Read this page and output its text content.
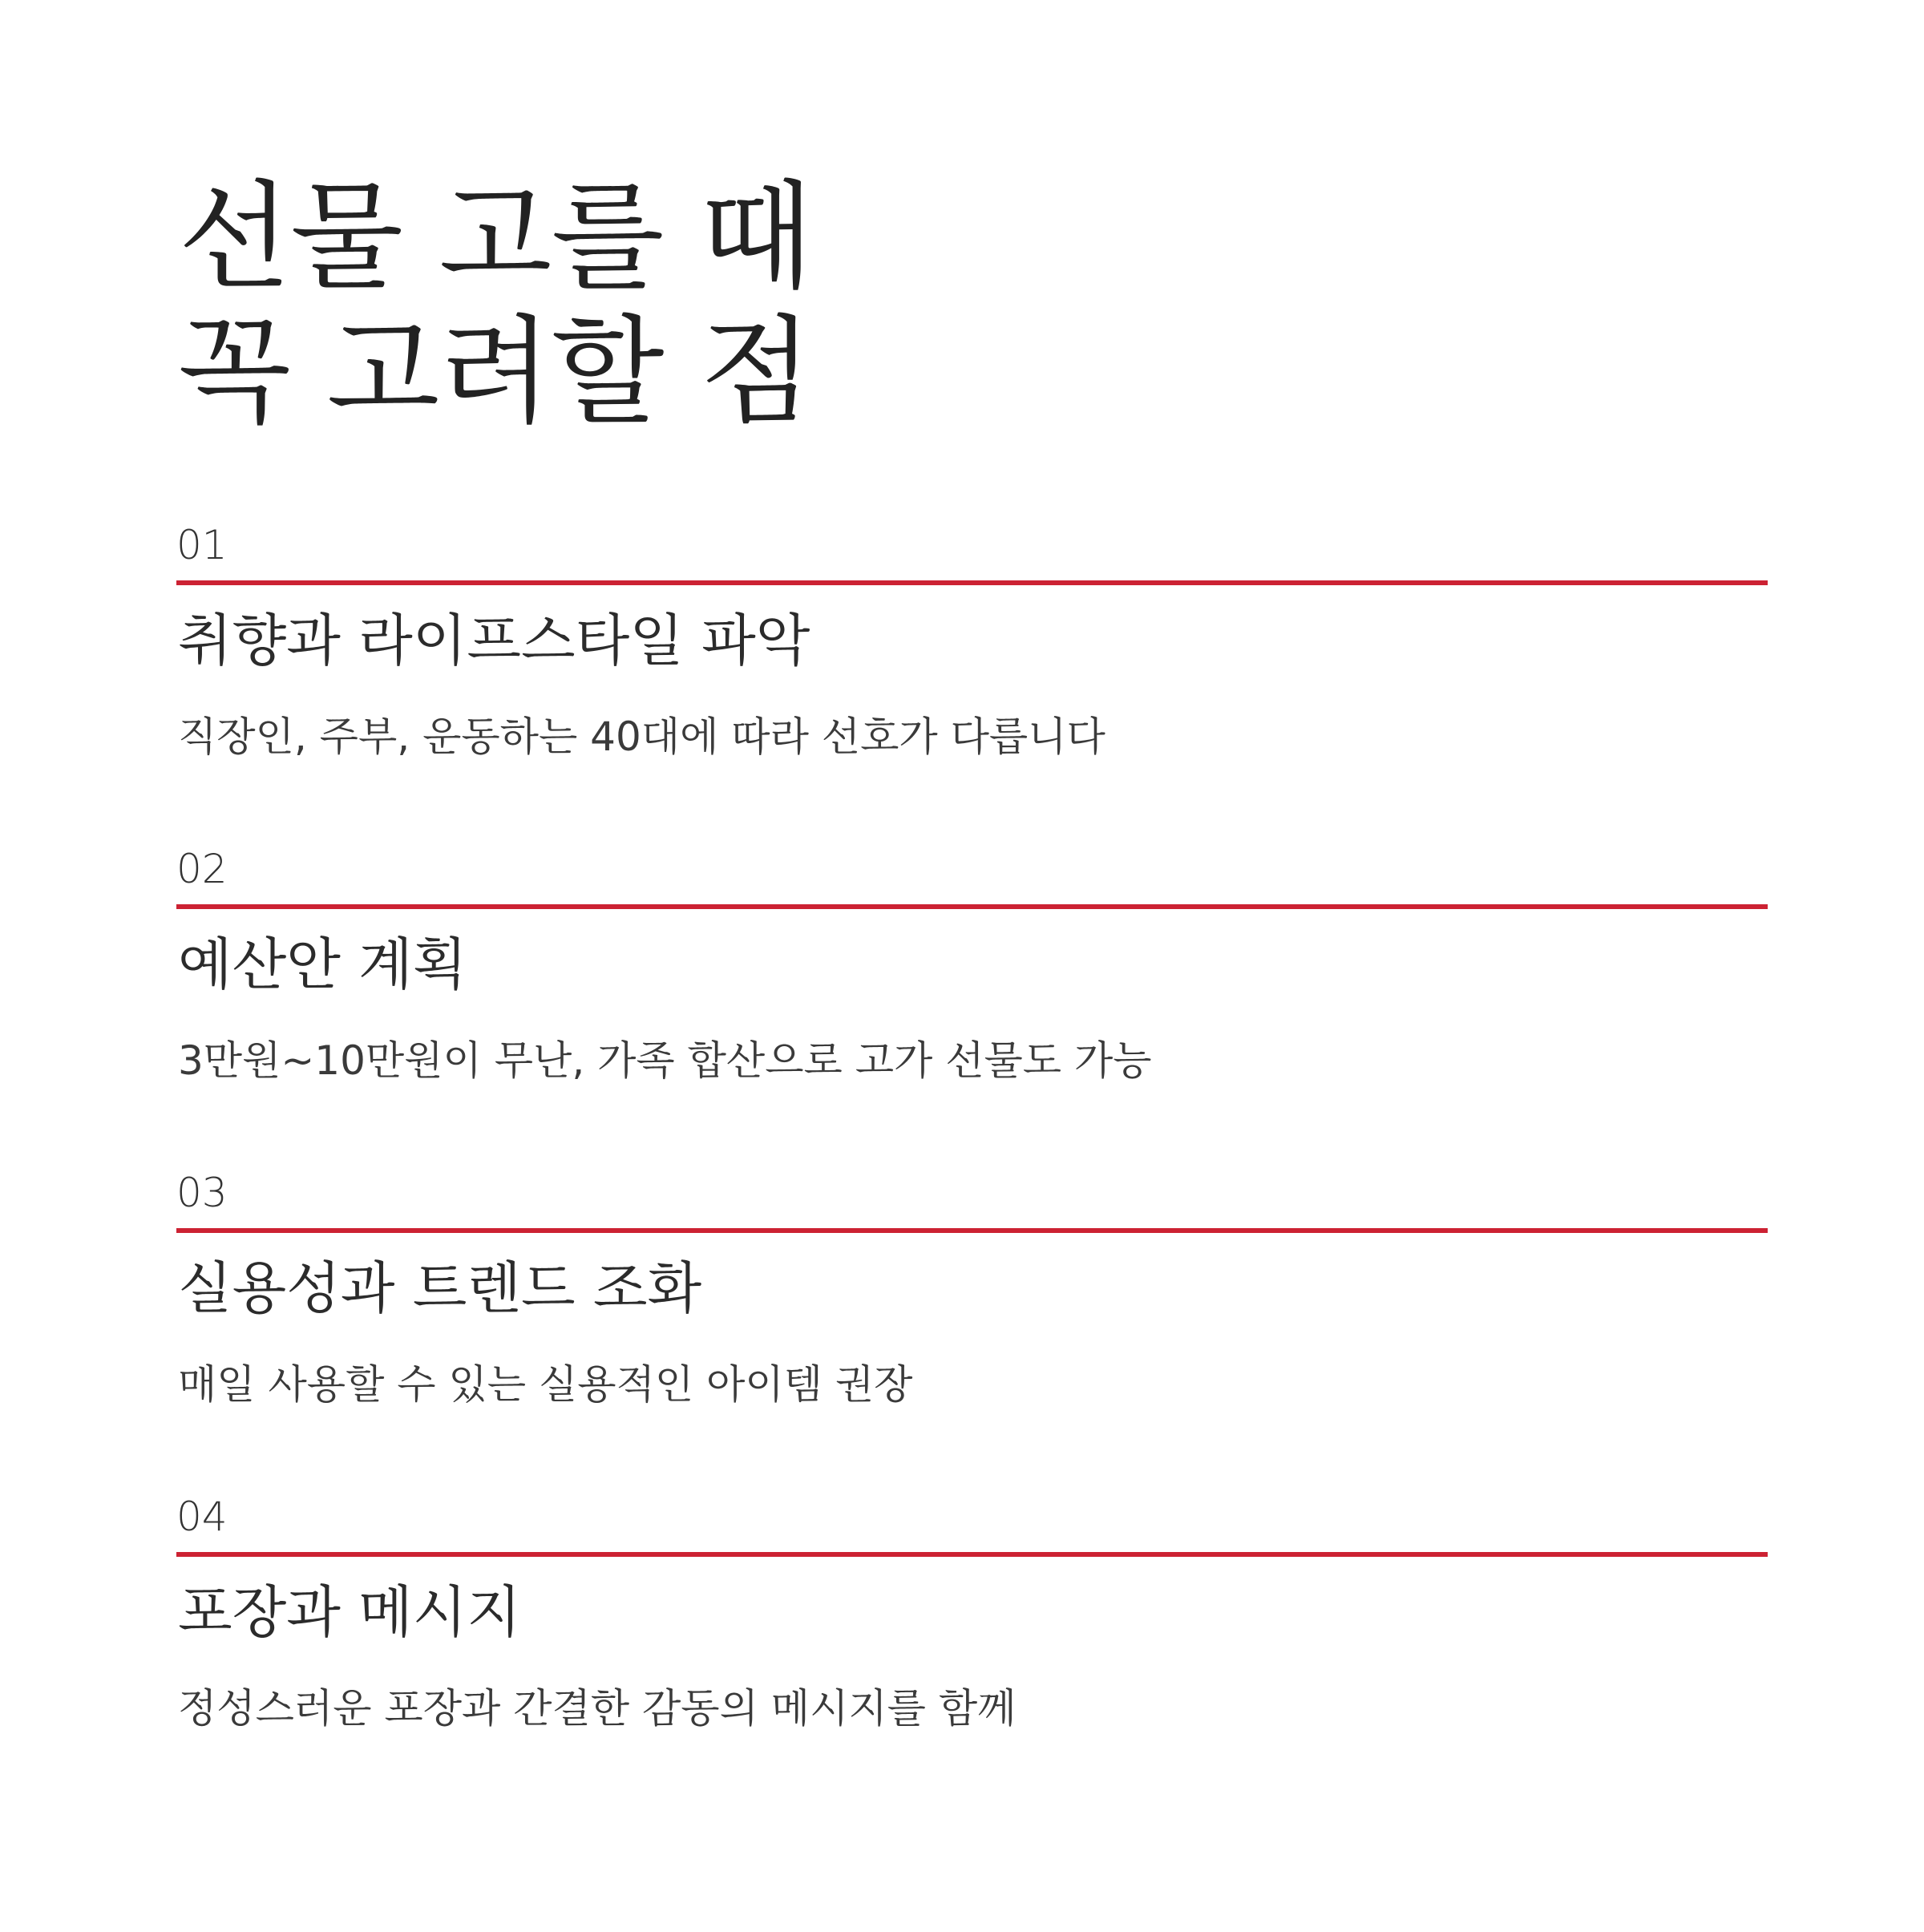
선물 고를 때
꼭 고려할 점
01
취향과 라이프스타일 파악

직장인, 주부, 운동하는 40대에 따라 선호가 다릅니다

02
예산안 계획

3만원~10만원이 무난, 가족 합산으로 고가 선물도 가능

03
실용성과 트렌드 조화

매일 사용할 수 있는 실용적인 아이템 권장

04
포장과 메시지

정성스러운 포장과 간결한 감동의 메시지를 함께
